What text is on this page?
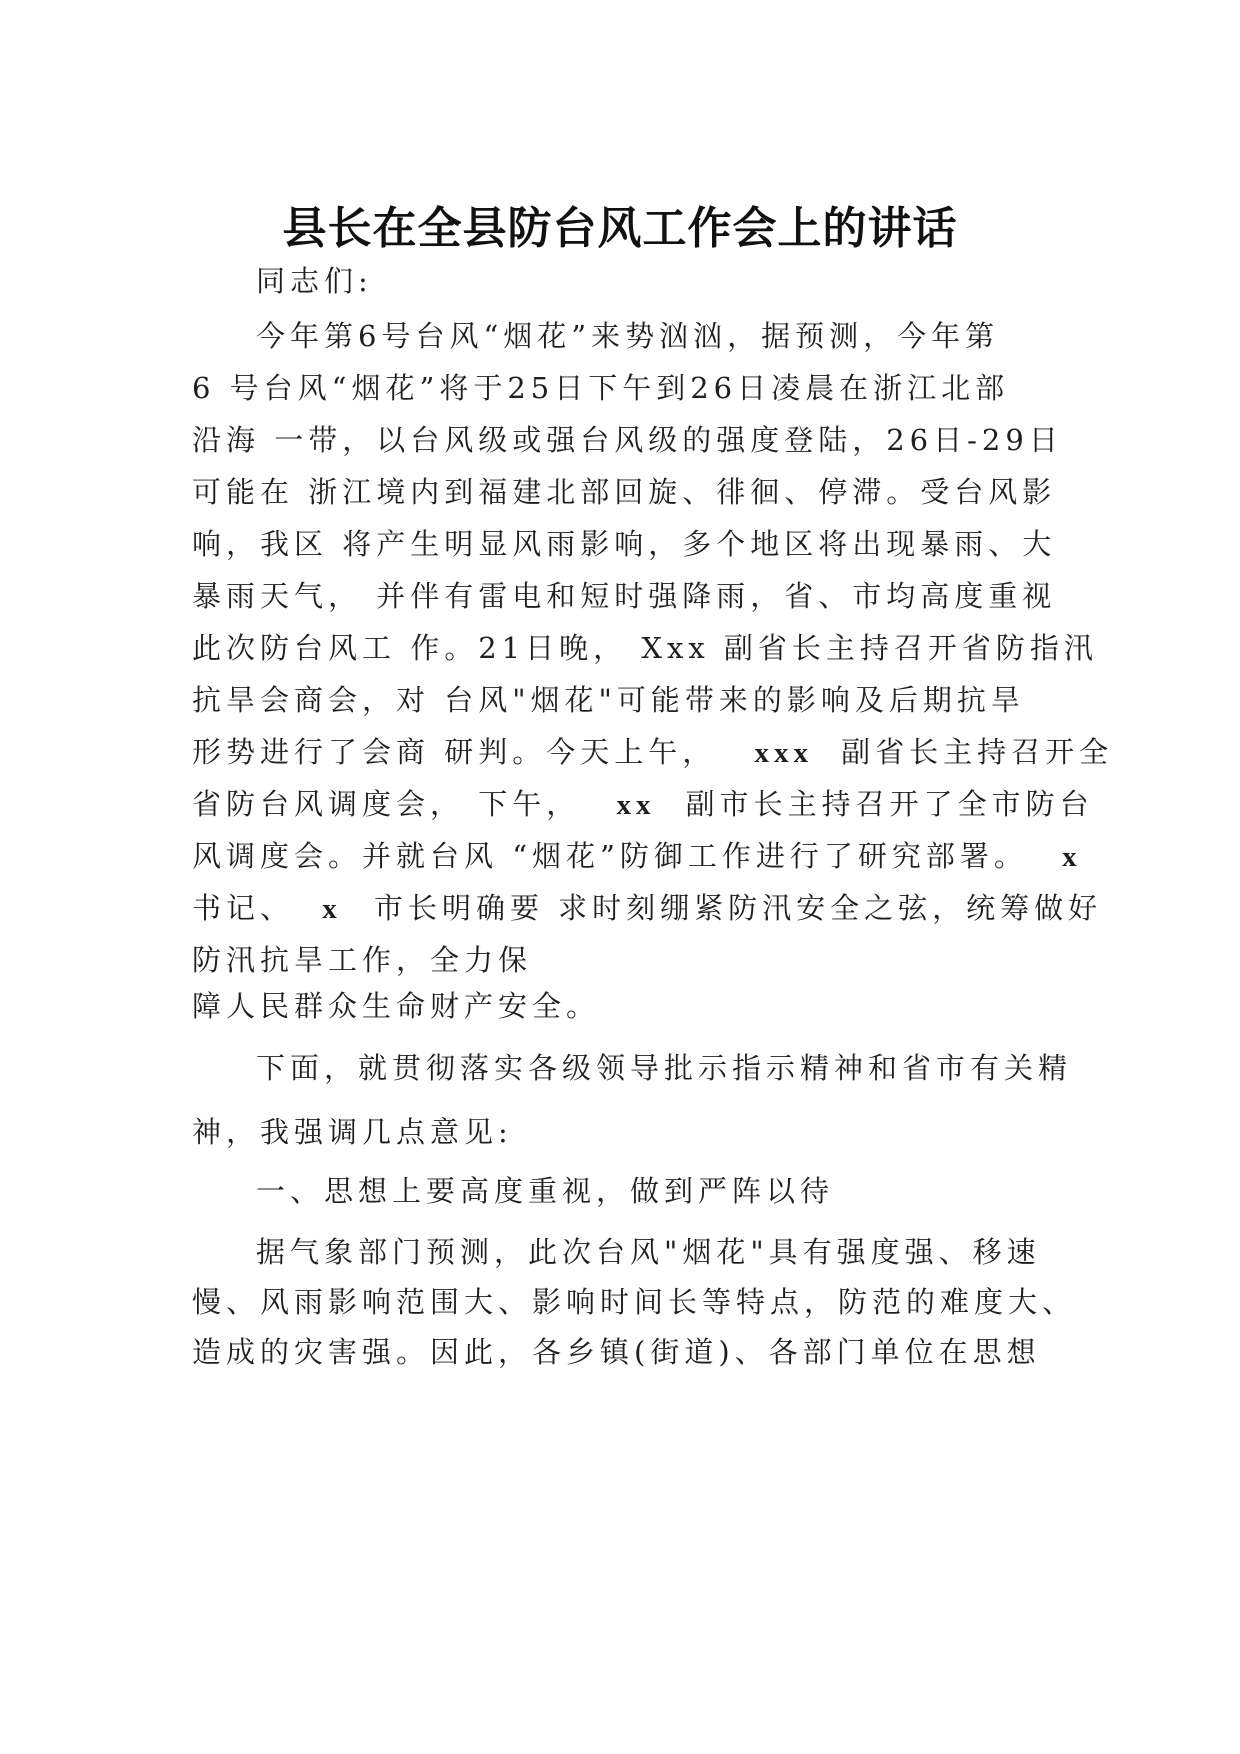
县长在全县防台风工作会上的讲话
同志们:
今年第6号台风“烟花”来势汹汹，据预测，今年第
6 号台风“烟花”将于25日下午到26日凌晨在浙江北部
沿海 一带，以台风级或强台风级的强度登陆，26日-29日
可能在 浙江境内到福建北部回旋、徘徊、停滞。受台风影
响，我区 将产生明显风雨影响，多个地区将出现暴雨、大
暴雨天气， 并伴有雷电和短时强降雨，省、市均高度重视
此次防台风工 作。21日晚， Xxx 副省长主持召开省防指汛
抗旱会商会，对 台风"烟花"可能带来的影响及后期抗旱
形势进行了会商 研判。今天上午， xxx 副省长主持召开全
省防台风调度会， 下午， xx 副市长主持召开了全市防台
风调度会。并就台风 “烟花”防御工作进行了研究部署。 x
书记、 x 市长明确要 求时刻绷紧防汛安全之弦，统筹做好
防汛抗旱工作，全力保
障人民群众生命财产安全。
下面，就贯彻落实各级领导批示指示精神和省市有关精
神，我强调几点意见:
一、思想上要高度重视，做到严阵以待
据气象部门预测，此次台风"烟花"具有强度强、移速
慢、风雨影响范围大、影响时间长等特点，防范的难度大、
造成的灾害强。因此，各乡镇(街道)、各部门单位在思想
